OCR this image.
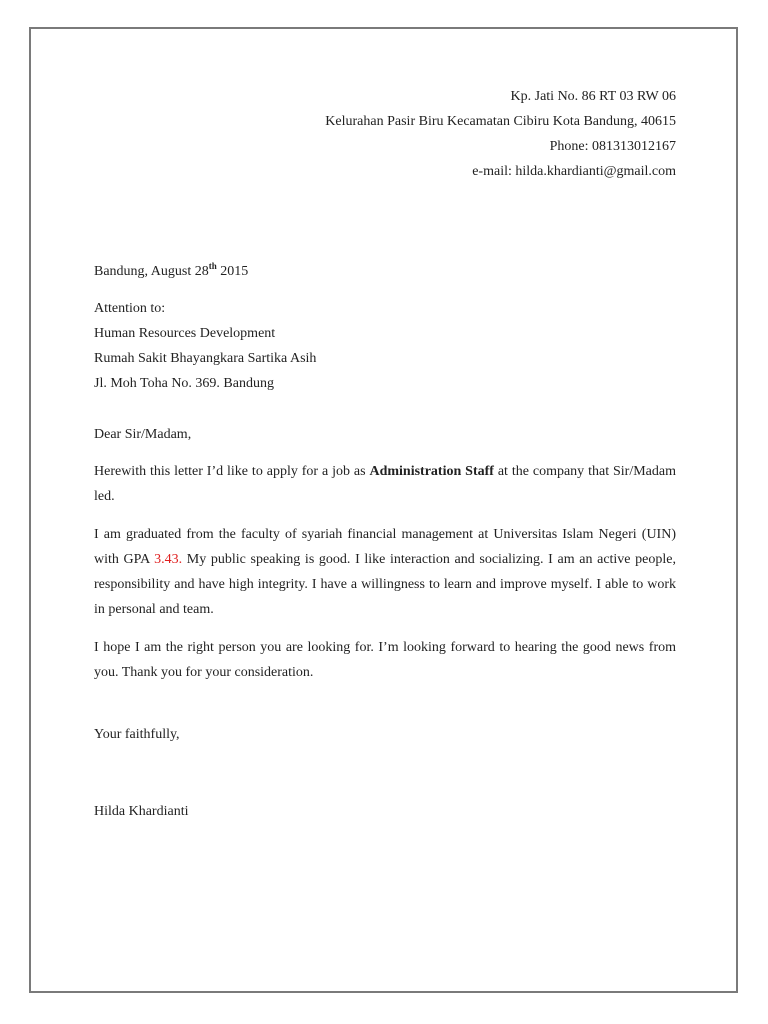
Kp. Jati No. 86 RT 03 RW 06
Kelurahan Pasir Biru Kecamatan Cibiru Kota Bandung, 40615
Phone: 081313012167
e-mail: hilda.khardianti@gmail.com
Bandung, August 28th 2015
Attention to:
Human Resources Development
Rumah Sakit Bhayangkara Sartika Asih
Jl. Moh Toha No. 369. Bandung
Dear Sir/Madam,
Herewith this letter I’d like to apply for a job as Administration Staff at the company that Sir/Madam led.
I am graduated from the faculty of syariah financial management at Universitas Islam Negeri (UIN) with GPA 3.43. My public speaking is good. I like interaction and socializing. I am an active people, responsibility and have high integrity. I have a willingness to learn and improve myself. I able to work in personal and team.
I hope I am the right person you are looking for. I’m looking forward to hearing the good news from you. Thank you for your consideration.
Your faithfully,
Hilda Khardianti
